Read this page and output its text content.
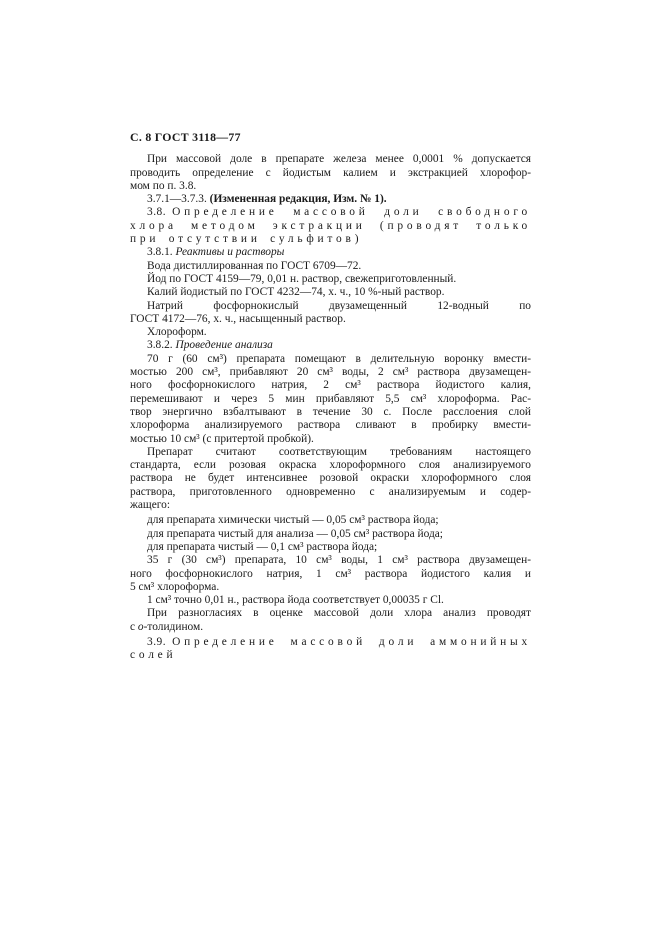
С. 8 ГОСТ 3118—77
При массовой доле в препарате железа менее 0,0001 % допускается
проводить определение с йодистым калием и экстракцией хлорофор-
мом по п. 3.8.

3.7.1—3.7.3. (Измененная редакция, Изм. № 1).

3.8. Определение массовой доли свободного
хлора методом экстракции (проводят только
при отсутствии сульфитов)

3.8.1. Реактивы и растворы

Вода дистиллированная по ГОСТ 6709—72.

Йод по ГОСТ 4159—79, 0,01 н. раствор, свежеприготовленный.

Калий йодистый по ГОСТ 4232—74, х. ч., 10 %-ный раствор.

Натрий фосфорнокислый двузамещенный 12-водный по
ГОСТ 4172—76, х. ч., насыщенный раствор.

Хлороформ.

3.8.2. Проведение анализа

70 г (60 см³) препарата помещают в делительную воронку вмести-
мостью 200 см³, прибавляют 20 см³ воды, 2 см³ раствора двузамещен-
ного фосфорнокислого натрия, 2 см³ раствора йодистого калия,
перемешивают и через 5 мин прибавляют 5,5 см³ хлороформа. Рас-
твор энергично взбалтывают в течение 30 с. После расслоения слой
хлороформа анализируемого раствора сливают в пробирку вмести-
мостью 10 см³ (с притертой пробкой).
Препарат считают соответствующим требованиям настоящего
стандарта, если розовая окраска хлороформного слоя анализируемого
раствора не будет интенсивнее розовой окраски хлороформного слоя
раствора, приготовленного одновременно с анализируемым и содер-
жащего:

для препарата химически чистый — 0,05 см³ раствора йода;

для препарата чистый для анализа — 0,05 см³ раствора йода;

для препарата чистый — 0,1 см³ раствора йода;

35 г (30 см³) препарата, 10 см³ воды, 1 см³ раствора двузамещен-
ного фосфорнокислого натрия, 1 см³ раствора йодистого калия и
5 см³ хлороформа.

1 см³ точно 0,01 н., раствора йода соответствует 0,00035 г Cl.

При разногласиях в оценке массовой доли хлора анализ проводят
с о-толидином.
3.9. Определение массовой доли аммонийных
солей
